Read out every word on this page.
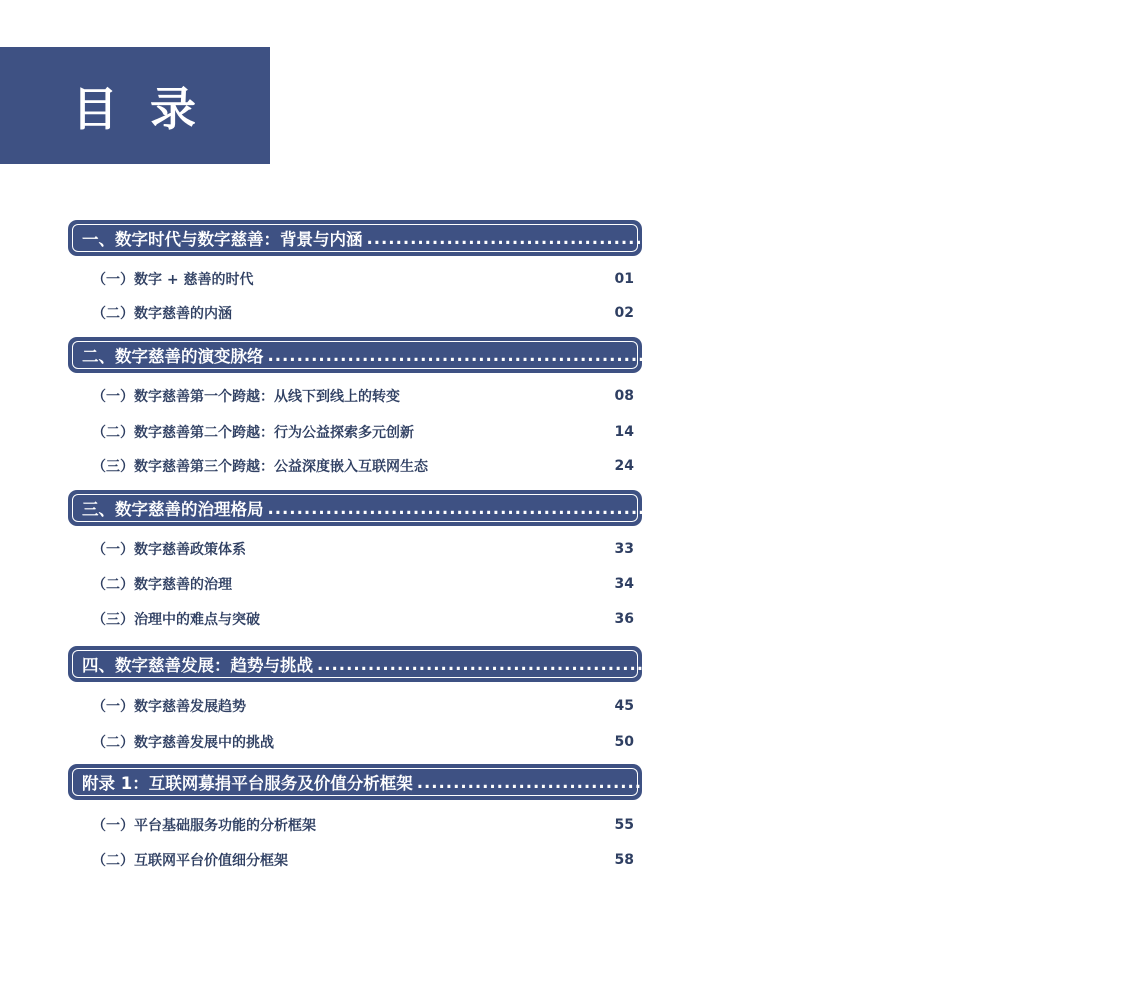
目录
一、数字时代与数字慈善：背景与内涵 .............................................................................................. 01
（一）数字 + 慈善的时代	01
（二）数字慈善的内涵	02
二、数字慈善的演变脉络 .............................................................................................. 07
（一）数字慈善第一个跨越：从线下到线上的转变	08
（二）数字慈善第二个跨越：行为公益探索多元创新	14
（三）数字慈善第三个跨越：公益深度嵌入互联网生态	24
三、数字慈善的治理格局 .............................................................................................. 33
（一）数字慈善政策体系	33
（二）数字慈善的治理	34
（三）治理中的难点与突破	36
四、数字慈善发展：趋势与挑战 .............................................................................................. 45
（一）数字慈善发展趋势	45
（二）数字慈善发展中的挑战	50
附录 1：互联网募捐平台服务及价值分析框架 .............................................................................................. 55
（一）平台基础服务功能的分析框架	55
（二）互联网平台价值细分框架	58
